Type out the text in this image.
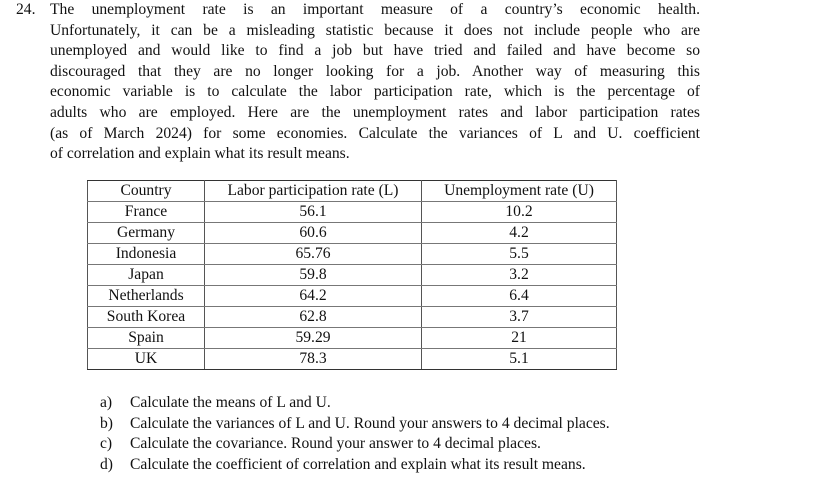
24. The unemployment rate is an important measure of a country’s economic health.
Unfortunately, it can be a misleading statistic because it does not include people who are
unemployed and would like to find a job but have tried and failed and have become so
discouraged that they are no longer looking for a job. Another way of measuring this
economic variable is to calculate the labor participation rate, which is the percentage of
adults who are employed. Here are the unemployment rates and labor participation rates
(as of March 2024) for some economies. Calculate the variances of L and U. coefficient
of correlation and explain what its result means.
Country	Labor participation rate (L)	Unemployment rate (U)
France	56.1	10.2
Germany	60.6	4.2
Indonesia	65.76	5.5
Japan	59.8	3.2
Netherlands	64.2	6.4
South Korea	62.8	3.7
Spain	59.29	21
UK	78.3	5.1
a) Calculate the means of L and U.
b) Calculate the variances of L and U. Round your answers to 4 decimal places.
c) Calculate the covariance. Round your answer to 4 decimal places.
d) Calculate the coefficient of correlation and explain what its result means.
